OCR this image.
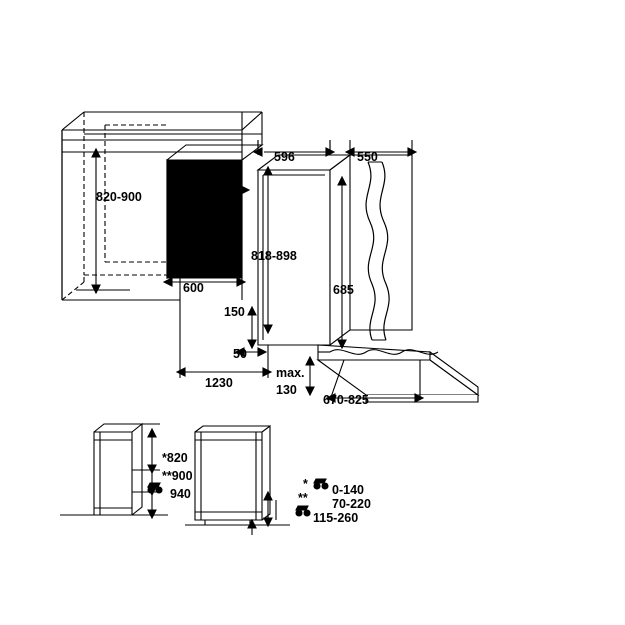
820-900
min. 550
600
596	550
818-898
685
150
50
1230
max.
130
670-825
*820
**900
940
* 0-140
** 70-220
115-260
